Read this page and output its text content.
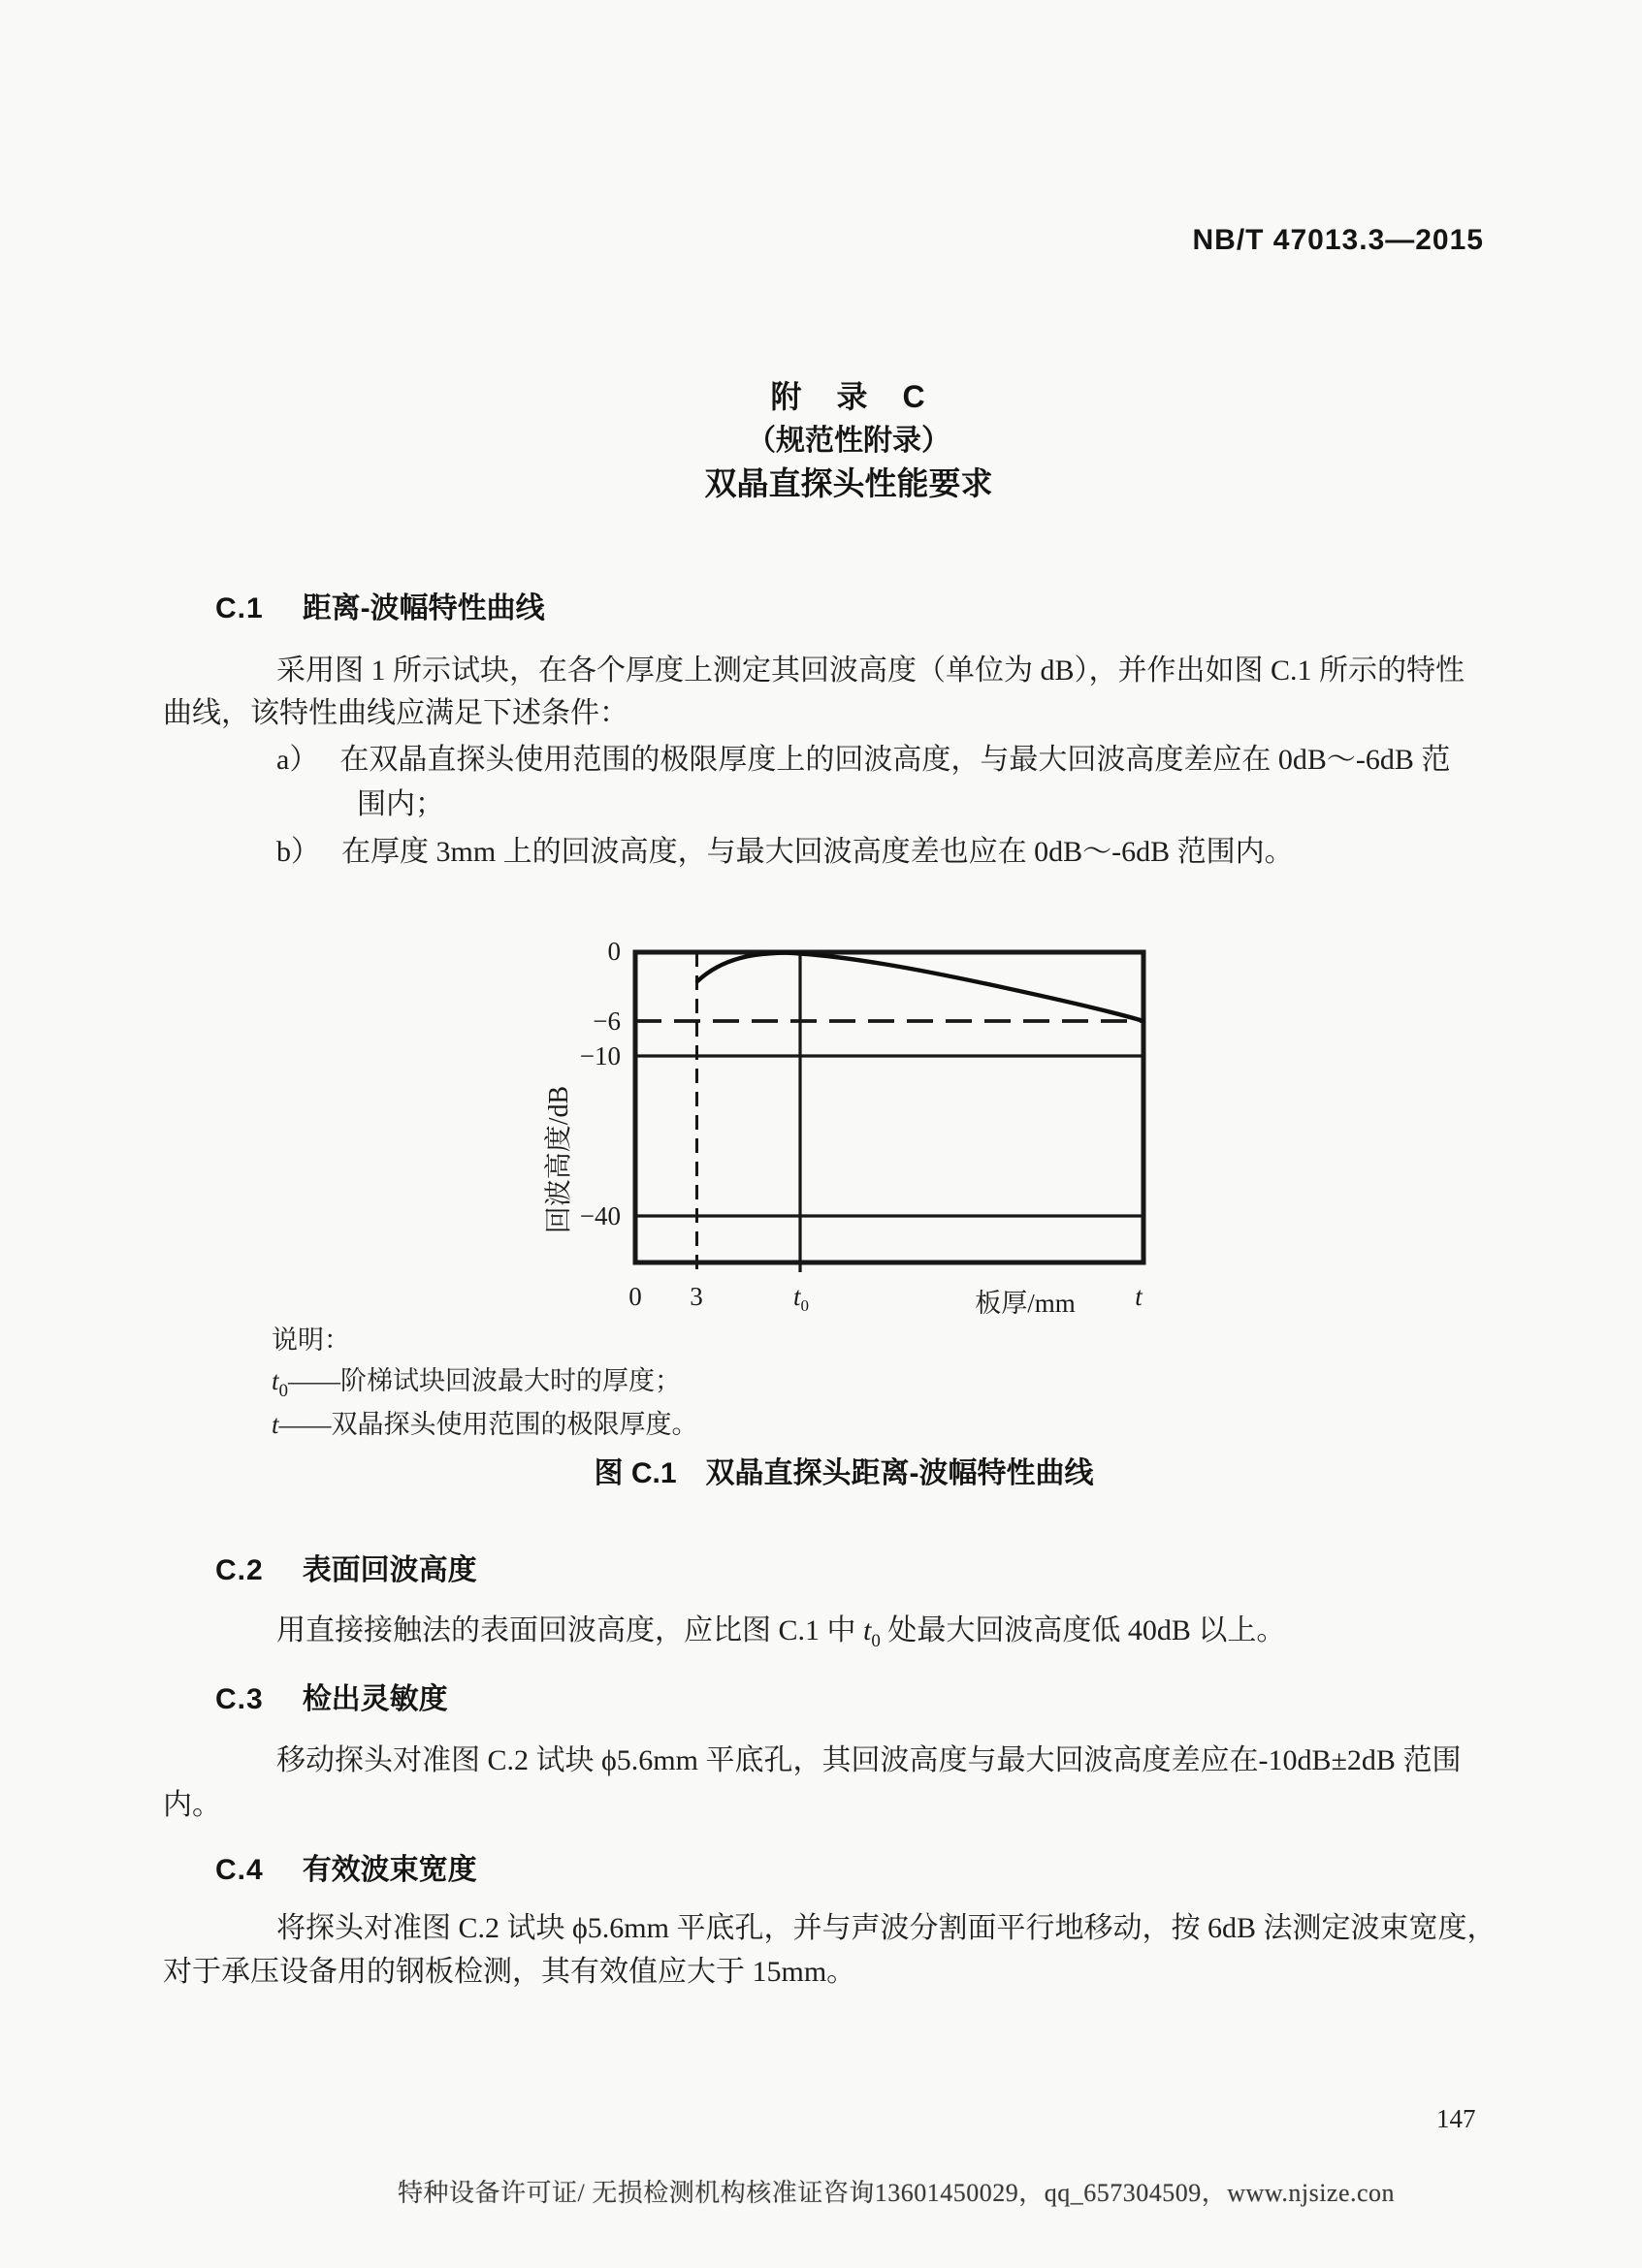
NB/T 47013.3—2015
附　录　C
（规范性附录）
双晶直探头性能要求
C.1 距离-波幅特性曲线
采用图 1 所示试块，在各个厚度上测定其回波高度（单位为 dB），并作出如图 C.1 所示的特性
曲线，该特性曲线应满足下述条件：
a） 在双晶直探头使用范围的极限厚度上的回波高度，与最大回波高度差应在 0dB～-6dB 范
围内；
b） 在厚度 3mm 上的回波高度，与最大回波高度差也应在 0dB～-6dB 范围内。
回波高度/dB
0
−6
−10
−40
0 3	$t_0$	板厚/mm t
说明：
$t_0——$阶梯试块回波最大时的厚度；
t——双晶探头使用范围的极限厚度。
图 C.1 双晶直探头距离-波幅特性曲线
C.2 表面回波高度
用直接接触法的表面回波高度，应比图 C.1 中 $t_0$ 处最大回波高度低 40dB 以上。
C.3 检出灵敏度
移动探头对准图 C.2 试块 ϕ5.6mm 平底孔，其回波高度与最大回波高度差应在-10dB±2dB 范围
内。
C.4 有效波束宽度
将探头对准图 C.2 试块 ϕ5.6mm 平底孔，并与声波分割面平行地移动，按 6dB 法测定波束宽度，
对于承压设备用的钢板检测，其有效值应大于 15mm。
147
特种设备许可证/ 无损检测机构核准证咨询13601450029，qq_657304509，www.njsize.con
